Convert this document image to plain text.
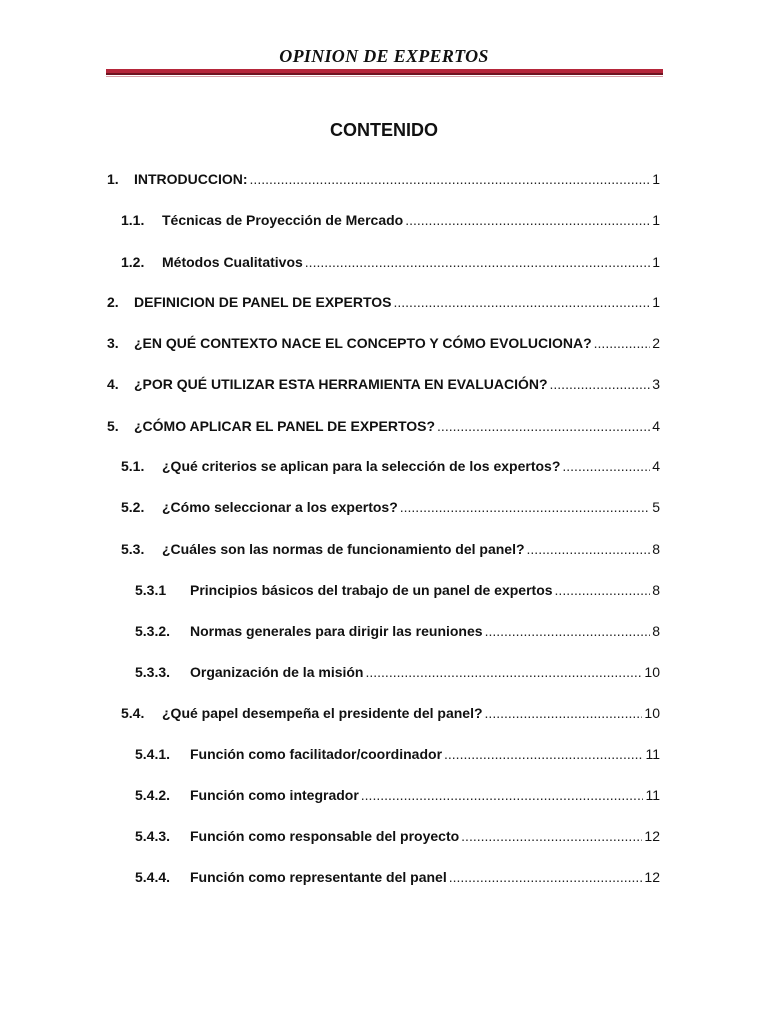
OPINION DE EXPERTOS
CONTENIDO
1.	INTRODUCCION: .....	1
1.1.	Técnicas de Proyección de Mercado .....	1
1.2.	Métodos Cualitativos .....	1
2.	DEFINICION DE PANEL DE EXPERTOS .....	1
3.	¿EN QUÉ CONTEXTO NACE EL CONCEPTO Y CÓMO EVOLUCIONA? .....	2
4.	¿POR QUÉ UTILIZAR ESTA HERRAMIENTA EN EVALUACIÓN? .....	3
5.	¿CÓMO APLICAR EL PANEL DE EXPERTOS? .....	4
5.1.	¿Qué criterios se aplican para la selección de los expertos? .....	4
5.2.	¿Cómo seleccionar a los expertos? .....	5
5.3.	¿Cuáles son las normas de funcionamiento del panel? .....	8
5.3.1	Principios básicos del trabajo de un panel de expertos .....	8
5.3.2.	Normas generales para dirigir las reuniones .....	8
5.3.3.	Organización de la misión .....	10
5.4.	¿Qué papel desempeña el presidente del panel? .....	10
5.4.1.	Función como facilitador/coordinador .....	11
5.4.2.	Función como integrador .....	11
5.4.3.	Función como responsable del proyecto .....	12
5.4.4.	Función como representante del panel .....	12
